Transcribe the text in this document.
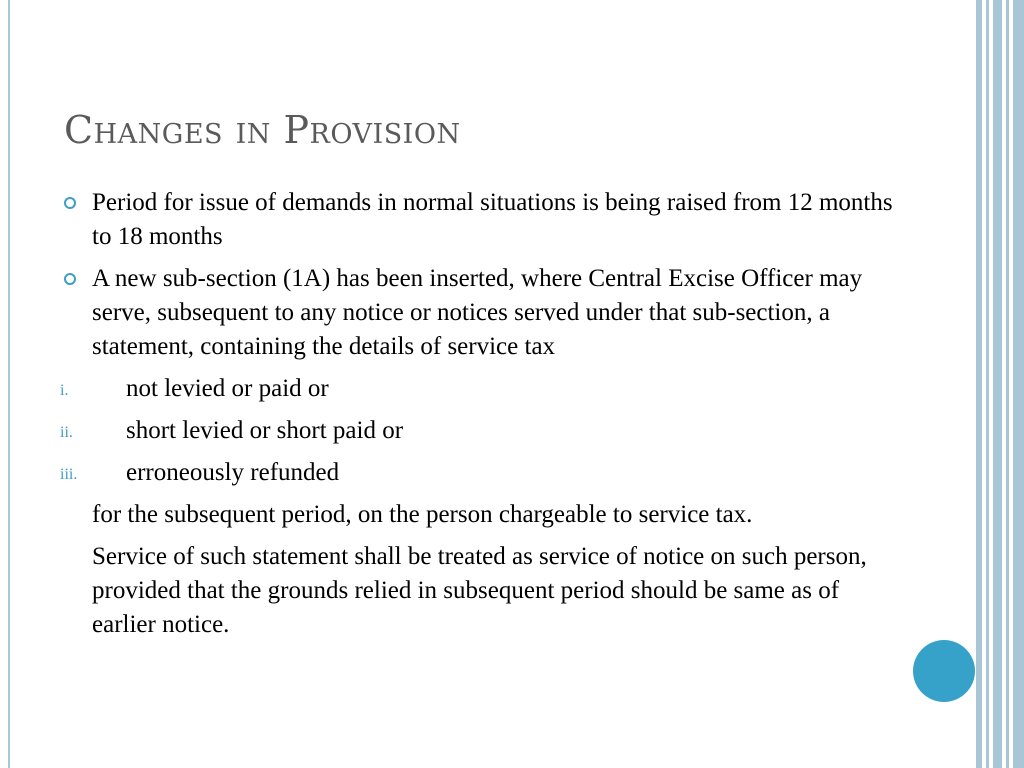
Changes in Provision
Period for issue of demands in normal situations is being raised from 12 months to 18 months
A new sub-section (1A) has been inserted, where Central Excise Officer may serve, subsequent to any notice or notices served under that sub-section, a statement, containing the details of service tax
i. not levied or paid or
ii. short levied or short paid or
iii. erroneously refunded
for the subsequent period, on the person chargeable to service tax.
Service of such statement shall be treated as service of notice on such person, provided that the grounds relied in subsequent period should be same as of earlier notice.
